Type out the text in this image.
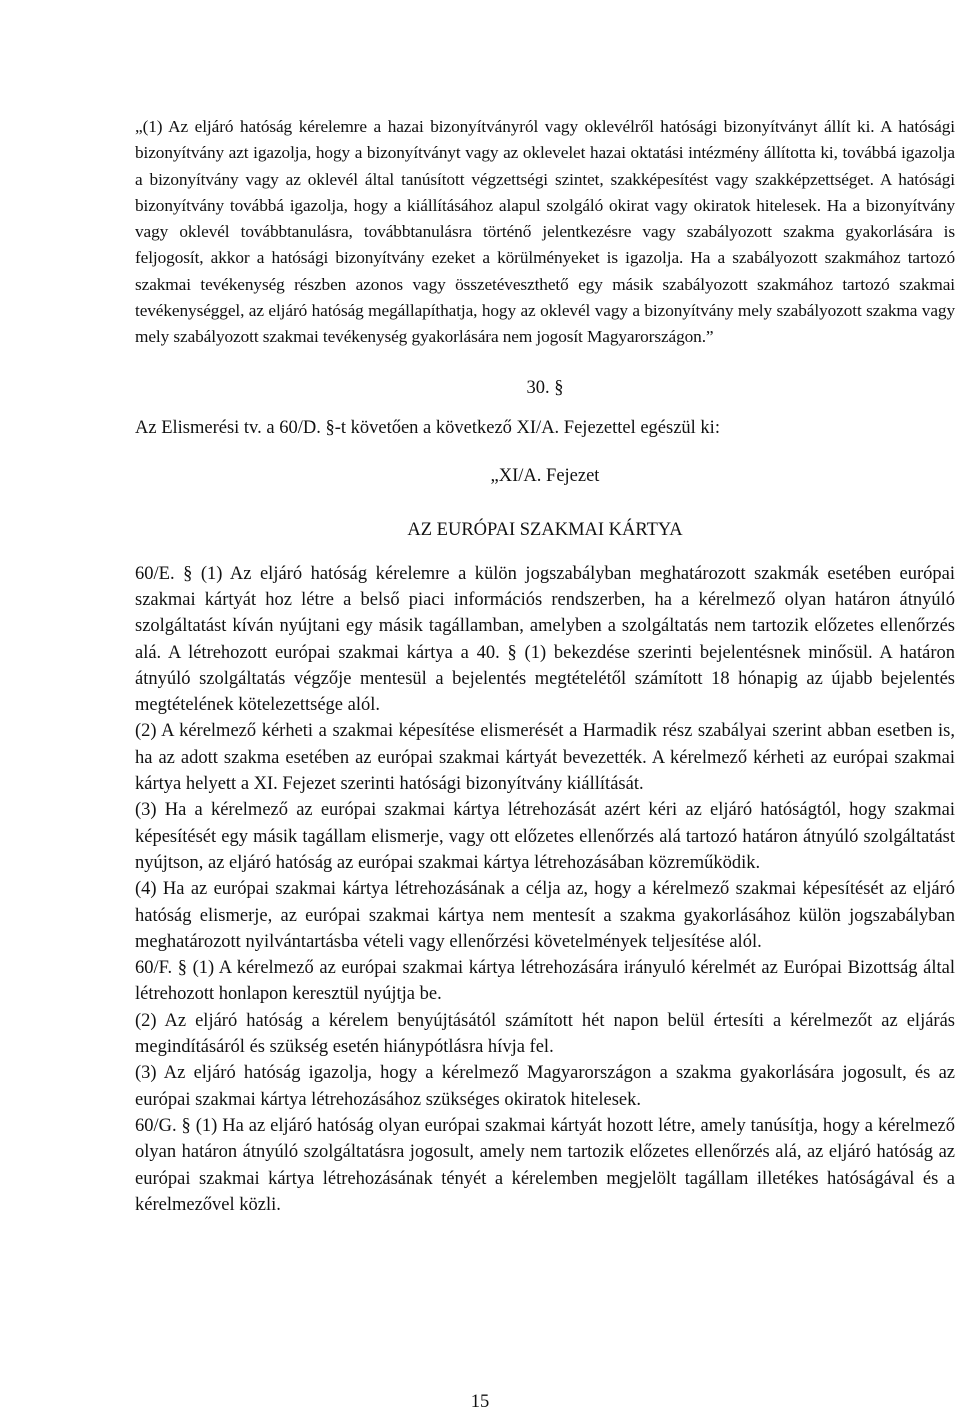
„(1) Az eljáró hatóság kérelemre a hazai bizonyítványról vagy oklevélről hatósági bizonyítványt állít ki. A hatósági bizonyítvány azt igazolja, hogy a bizonyítványt vagy az oklevelet hazai oktatási intézmény állította ki, továbbá igazolja a bizonyítvány vagy az oklevél által tanúsított végzettségi szintet, szakképesítést vagy szakképzettséget. A hatósági bizonyítvány továbbá igazolja, hogy a kiállításához alapul szolgáló okirat vagy okiratok hitelesek. Ha a bizonyítvány vagy oklevél továbbtanulásra, továbbtanulásra történő jelentkezésre vagy szabályozott szakma gyakorlására is feljogosít, akkor a hatósági bizonyítvány ezeket a körülményeket is igazolja. Ha a szabályozott szakmához tartozó szakmai tevékenység részben azonos vagy összetéveszthető egy másik szabályozott szakmához tartozó szakmai tevékenységgel, az eljáró hatóság megállapíthatja, hogy az oklevél vagy a bizonyítvány mely szabályozott szakma vagy mely szabályozott szakmai tevékenység gyakorlására nem jogosít Magyarországon.”

30. §

Az Elismerési tv. a 60/D. §-t követően a következő XI/A. Fejezettel egészül ki:

„XI/A. Fejezet
AZ EURÓPAI SZAKMAI KÁRTYA

60/E. § (1) Az eljáró hatóság kérelemre a külön jogszabályban meghatározott szakmák esetében európai szakmai kártyát hoz létre a belső piaci információs rendszerben, ha a kérelmező olyan határon átnyúló szolgáltatást kíván nyújtani egy másik tagállamban, amelyben a szolgáltatás nem tartozik előzetes ellenőrzés alá. A létrehozott európai szakmai kártya a 40. § (1) bekezdése szerinti bejelentésnek minősül. A határon átnyúló szolgáltatás végzője mentesül a bejelentés megtételétől számított 18 hónapig az újabb bejelentés megtételének kötelezettsége alól.

(2) A kérelmező kérheti a szakmai képesítése elismerését a Harmadik rész szabályai szerint abban esetben is, ha az adott szakma esetében az európai szakmai kártyát bevezették. A kérelmező kérheti az európai szakmai kártya helyett a XI. Fejezet szerinti hatósági bizonyítvány kiállítását.

(3) Ha a kérelmező az európai szakmai kártya létrehozását azért kéri az eljáró hatóságtól, hogy szakmai képesítését egy másik tagállam elismerje, vagy ott előzetes ellenőrzés alá tartozó határon átnyúló szolgáltatást nyújtson, az eljáró hatóság az európai szakmai kártya létrehozásában közreműködik.

(4) Ha az európai szakmai kártya létrehozásának a célja az, hogy a kérelmező szakmai képesítését az eljáró hatóság elismerje, az európai szakmai kártya nem mentesít a szakma gyakorlásához külön jogszabályban meghatározott nyilvántartásba vételi vagy ellenőrzési követelmények teljesítése alól.

60/F. § (1) A kérelmező az európai szakmai kártya létrehozására irányuló kérelmét az Európai Bizottság által létrehozott honlapon keresztül nyújtja be.

(2) Az eljáró hatóság a kérelem benyújtásától számított hét napon belül értesíti a kérelmezőt az eljárás megindításáról és szükség esetén hiánypótlásra hívja fel.

(3) Az eljáró hatóság igazolja, hogy a kérelmező Magyarországon a szakma gyakorlására jogosult, és az európai szakmai kártya létrehozásához szükséges okiratok hitelesek.

60/G. § (1) Ha az eljáró hatóság olyan európai szakmai kártyát hozott létre, amely tanúsítja, hogy a kérelmező olyan határon átnyúló szolgáltatásra jogosult, amely nem tartozik előzetes ellenőrzés alá, az eljáró hatóság az európai szakmai kártya létrehozásának tényét a kérelemben megjelölt tagállam illetékes hatóságával és a kérelmezővel közli.

15
